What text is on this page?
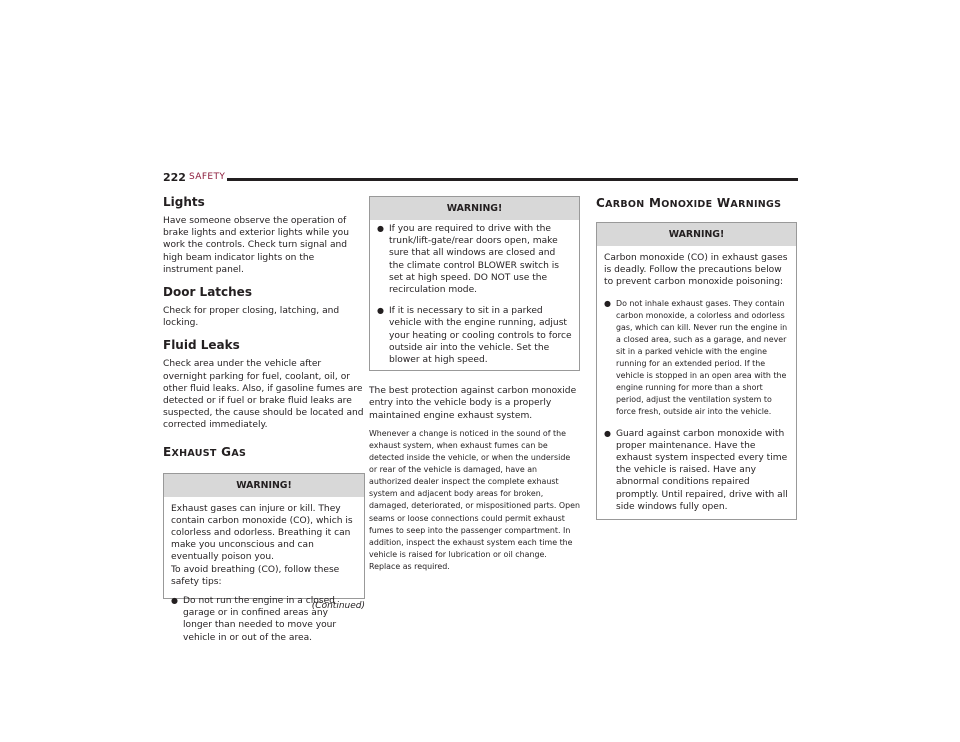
222 SAFETY
Lights

Have someone observe the operation of brake lights and exterior lights while you work the controls. Check turn signal and high beam indicator lights on the instrument panel.

Door Latches

Check for proper closing, latching, and locking.

Fluid Leaks

Check area under the vehicle after overnight parking for fuel, coolant, oil, or other fluid leaks. Also, if gasoline fumes are detected or if fuel or brake fluid leaks are suspected, the cause should be located and corrected immediately.

EXHAUST GAS
WARNING!

Exhaust gases can injure or kill. They contain carbon monoxide (CO), which is colorless and odorless. Breathing it can make you unconscious and can eventually poison you.

To avoid breathing (CO), follow these safety tips:

● Do not run the engine in a closed garage or in confined areas any longer than needed to move your vehicle in or out of the area.

(Continued)
WARNING!
● If you are required to drive with the trunk/lift-gate/rear doors open, make sure that all windows are closed and the climate control BLOWER switch is set at high speed. DO NOT use the recirculation mode.

● If it is necessary to sit in a parked vehicle with the engine running, adjust your heating or cooling controls to force outside air into the vehicle. Set the blower at high speed.

The best protection against carbon monoxide entry into the vehicle body is a properly maintained engine exhaust system.

Whenever a change is noticed in the sound of the exhaust system, when exhaust fumes can be detected inside the vehicle, or when the underside or rear of the vehicle is damaged, have an authorized dealer inspect the complete exhaust system and adjacent body areas for broken, damaged, deteriorated, or mispositioned parts. Open seams or loose connections could permit exhaust fumes to seep into the passenger compartment. In addition, inspect the exhaust system each time the vehicle is raised for lubrication or oil change. Replace as required.

CARBON MONOXIDE WARNINGS
WARNING!

Carbon monoxide (CO) in exhaust gases is deadly. Follow the precautions below to prevent carbon monoxide poisoning:

● Do not inhale exhaust gases. They contain carbon monoxide, a colorless and odorless gas, which can kill. Never run the engine in a closed area, such as a garage, and never sit in a parked vehicle with the engine running for an extended period. If the vehicle is stopped in an open area with the engine running for more than a short period, adjust the ventilation system to force fresh, outside air into the vehicle.

● Guard against carbon monoxide with proper maintenance. Have the exhaust system inspected every time the vehicle is raised. Have any abnormal conditions repaired promptly. Until repaired, drive with all side windows fully open.
